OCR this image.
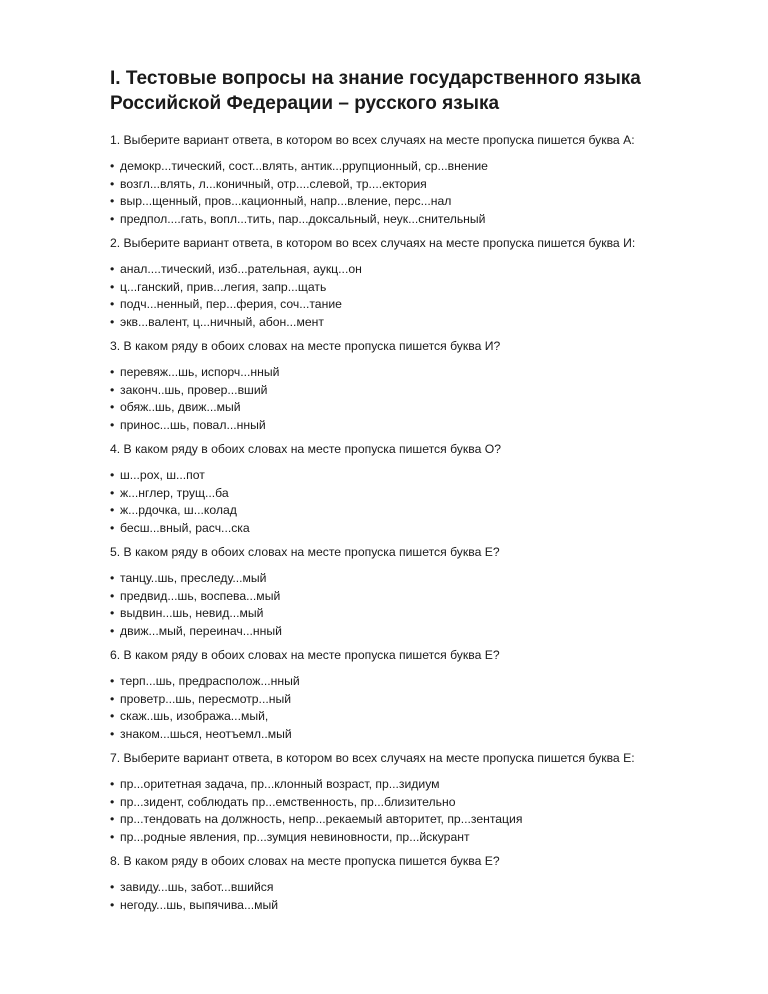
I. Тестовые вопросы на знание государственного языка
Российской Федерации – русского языка
1. Выберите вариант ответа, в котором во всех случаях на месте пропуска пишется буква А:
• демокр...тический, сост...влять, антик...ррупционный, ср...внение
• возгл...влять, л...коничный, отр....слевой, тр....ектория
• выр...щенный, пров...кационный, напр...вление, перс...нал
• предпол....гать, вопл...тить, пар...доксальный, неук...снительный
2. Выберите вариант ответа, в котором во всех случаях на месте пропуска пишется буква И:
• анал....тический, изб...рательная, аукц...он
• ц...ганский, прив...легия, запр...щать
• подч...ненный, пер...ферия, соч...тание
• экв...валент, ц...ничный, абон...мент
3. В каком ряду в обоих словах на месте пропуска пишется буква И?
• перевяж...шь, испорч...нный
• законч..шь, провер...вший
• обяж..шь, движ...мый
• принос...шь, повал...нный
4. В каком ряду в обоих словах на месте пропуска пишется буква О?
• ш...рох, ш...пот
• ж...нглер, трущ...ба
• ж...рдочка, ш...колад
• бесш...вный, расч...ска
5. В каком ряду в обоих словах на месте пропуска пишется буква Е?
• танцу..шь, преследу...мый
• предвид...шь, воспева...мый
• выдвин...шь, невид...мый
• движ...мый, переинач...нный
6. В каком ряду в обоих словах на месте пропуска пишется буква Е?
• терп...шь, предрасполож...нный
• проветр...шь, пересмотр...ный
• скаж..шь, изобража...мый,
• знаком...шься, неотъемл..мый
7. Выберите вариант ответа, в котором во всех случаях на месте пропуска пишется буква Е:
• пр...оритетная задача, пр...клонный возраст, пр...зидиум
• пр...зидент, соблюдать пр...емственность, пр...близительно
• пр...тендовать на должность, непр...рекаемый авторитет, пр...зентация
• пр...родные явления, пр...зумция невиновности, пр...йскурант
8. В каком ряду в обоих словах на месте пропуска пишется буква Е?
• завиду...шь, забот...вшийся
• негоду...шь, выпячива...мый
